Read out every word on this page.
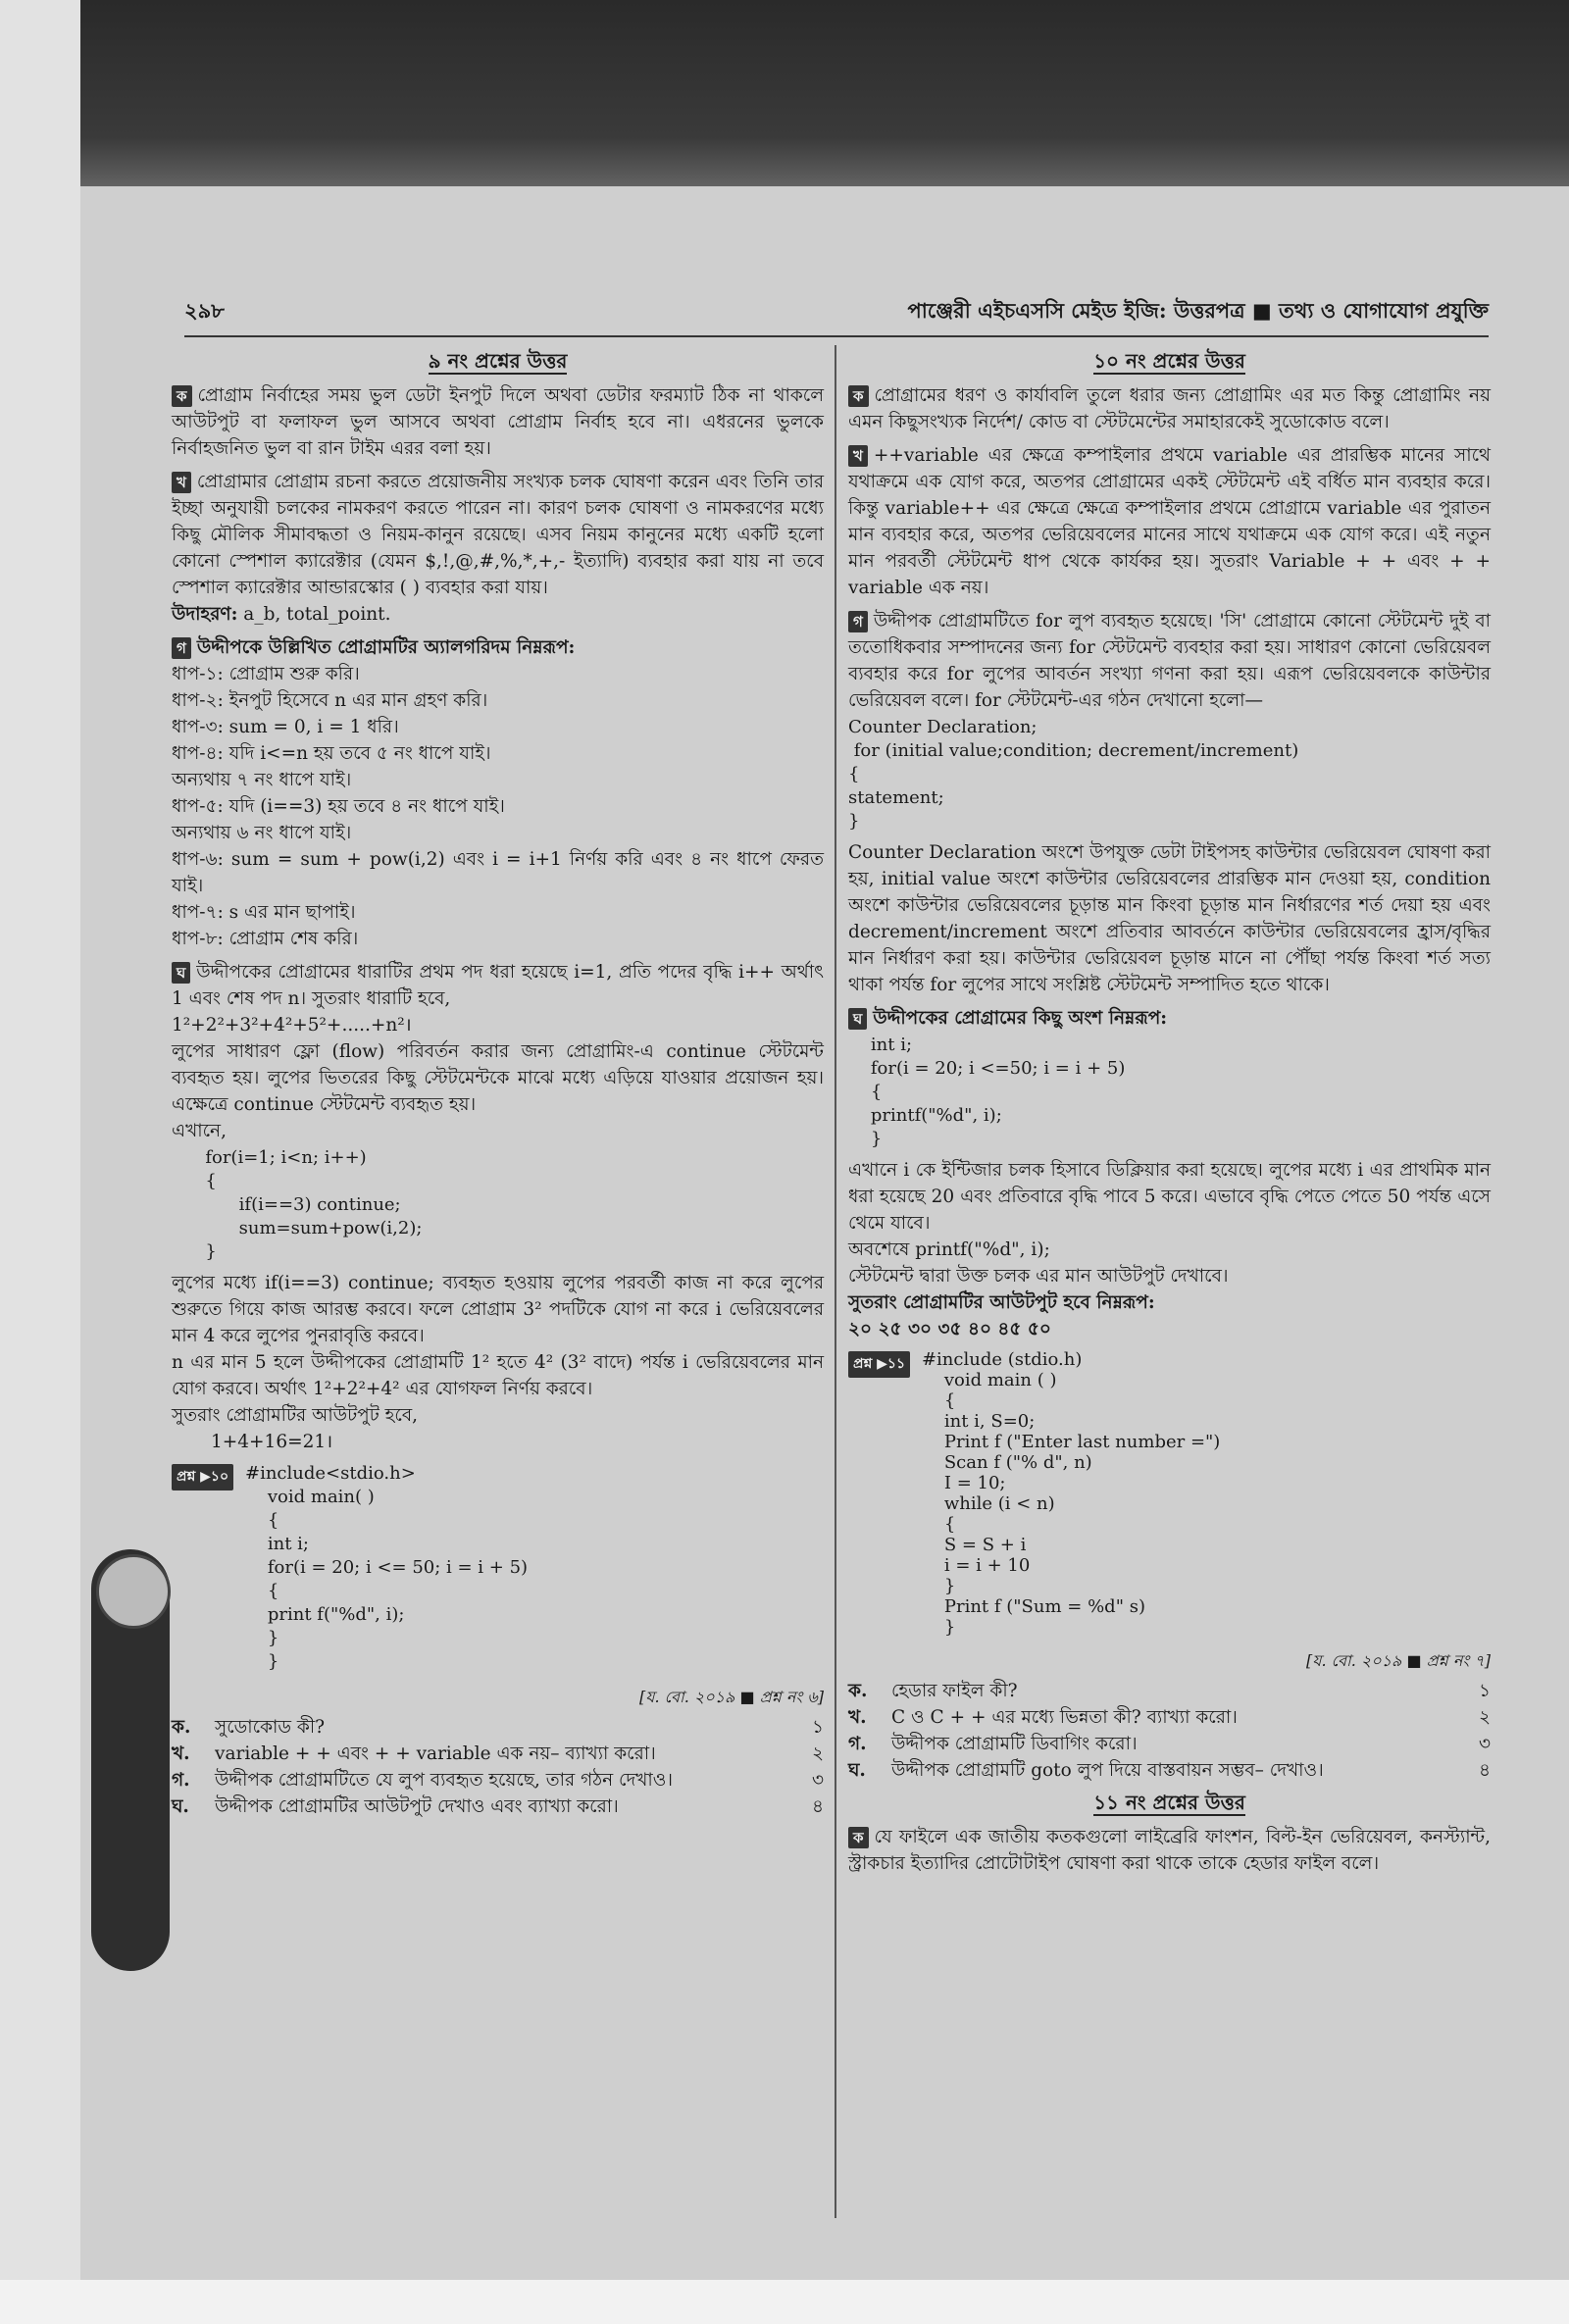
২৯৮	পাঞ্জেরী এইচএসসি মেইড ইজি: উত্তরপত্র ■ তথ্য ও যোগাযোগ প্রযুক্তি
৯ নং প্রশ্নের উত্তর

ক প্রোগ্রাম নির্বাহের সময় ভুল ডেটা ইনপুট দিলে অথবা ডেটার ফরম্যাট ঠিক না থাকলে আউটপুট বা ফলাফল ভুল আসবে অথবা প্রোগ্রাম নির্বাহ হবে না। এধরনের ভুলকে নির্বাহজনিত ভুল বা রান টাইম এরর বলা হয়।

খ প্রোগ্রামার প্রোগ্রাম রচনা করতে প্রয়োজনীয় সংখ্যক চলক ঘোষণা করেন এবং তিনি তার ইচ্ছা অনুযায়ী চলকের নামকরণ করতে পারেন না। কারণ চলক ঘোষণা ও নামকরণের মধ্যে কিছু মৌলিক সীমাবদ্ধতা ও নিয়ম-কানুন রয়েছে। এসব নিয়ম কানুনের মধ্যে একটি হলো কোনো স্পেশাল ক্যারেক্টার (যেমন $,!,@,#,%,*,+,- ইত্যাদি) ব্যবহার করা যায় না তবে স্পেশাল ক্যারেক্টার আন্ডারস্কোর ( ) ব্যবহার করা যায়।
উদাহরণ: a_b, total_point.

গ উদ্দীপকে উল্লিখিত প্রোগ্রামটির অ্যালগরিদম নিম্নরূপ:

ধাপ-১: প্রোগ্রাম শুরু করি।
ধাপ-২: ইনপুট হিসেবে n এর মান গ্রহণ করি।
ধাপ-৩: sum = 0, i = 1 ধরি।
ধাপ-৪: যদি i<=n হয় তবে ৫ নং ধাপে যাই।
অন্যথায় ৭ নং ধাপে যাই।
ধাপ-৫: যদি (i==3) হয় তবে ৪ নং ধাপে যাই।
অন্যথায় ৬ নং ধাপে যাই।
ধাপ-৬: sum = sum + pow(i,2) এবং i = i+1 নির্ণয় করি এবং ৪ নং ধাপে ফেরত যাই।
ধাপ-৭: s এর মান ছাপাই।
ধাপ-৮: প্রোগ্রাম শেষ করি।

ঘ উদ্দীপকের প্রোগ্রামের ধারাটির প্রথম পদ ধরা হয়েছে i=1, প্রতি পদের বৃদ্ধি i++ অর্থাৎ 1 এবং শেষ পদ n। সুতরাং ধারাটি হবে,

1²+2²+3²+4²+5²+.....+n²।

লুপের সাধারণ ফ্লো (flow) পরিবর্তন করার জন্য প্রোগ্রামিং-এ continue স্টেটমেন্ট ব্যবহৃত হয়। লুপের ভিতরের কিছু স্টেটমেন্টকে মাঝে মধ্যে এড়িয়ে যাওয়ার প্রয়োজন হয়। এক্ষেত্রে continue স্টেটমেন্ট ব্যবহৃত হয়।

এখানে,

for(i=1; i<n; i++)
{
if(i==3) continue;
sum=sum+pow(i,2);
}

লুপের মধ্যে if(i==3) continue; ব্যবহৃত হওয়ায় লুপের পরবর্তী কাজ না করে লুপের শুরুতে গিয়ে কাজ আরম্ভ করবে। ফলে প্রোগ্রাম 3² পদটিকে যোগ না করে i ভেরিয়েবলের মান 4 করে লুপের পুনরাবৃত্তি করবে।

n এর মান 5 হলে উদ্দীপকের প্রোগ্রামটি 1² হতে 4² (3² বাদে) পর্যন্ত i ভেরিয়েবলের মান যোগ করবে। অর্থাৎ 1²+2²+4² এর যোগফল নির্ণয় করবে।

সুতরাং প্রোগ্রামটির আউটপুট হবে,

1+4+16=21।

প্রশ্ন ▶১০ #include<stdio.h>
void main( )
{
int i;
for(i = 20; i <= 50; i = i + 5)
{
print f("%d", i);
}
}
[য. বো. ২০১৯ ■ প্রশ্ন নং ৬]
ক.	সুডোকোড কী?	১
খ.	variable + + এবং + + variable এক নয়– ব্যাখ্যা করো।	২
গ.	উদ্দীপক প্রোগ্রামটিতে যে লুপ ব্যবহৃত হয়েছে, তার গঠন দেখাও।	৩
ঘ.	উদ্দীপক প্রোগ্রামটির আউটপুট দেখাও এবং ব্যাখ্যা করো।	৪
১০ নং প্রশ্নের উত্তর

ক প্রোগ্রামের ধরণ ও কার্যাবলি তুলে ধরার জন্য প্রোগ্রামিং এর মত কিন্তু প্রোগ্রামিং নয় এমন কিছুসংখ্যক নির্দেশ/ কোড বা স্টেটমেন্টের সমাহারকেই সুডোকোড বলে।

খ ++variable এর ক্ষেত্রে কম্পাইলার প্রথমে variable এর প্রারম্ভিক মানের সাথে যথাক্রমে এক যোগ করে, অতপর প্রোগ্রামের একই স্টেটমেন্ট এই বর্ধিত মান ব্যবহার করে। কিন্তু variable++ এর ক্ষেত্রে ক্ষেত্রে কম্পাইলার প্রথমে প্রোগ্রামে variable এর পুরাতন মান ব্যবহার করে, অতপর ভেরিয়েবলের মানের সাথে যথাক্রমে এক যোগ করে। এই নতুন মান পরবর্তী স্টেটমেন্ট ধাপ থেকে কার্যকর হয়। সুতরাং Variable + + এবং + + variable এক নয়।

গ উদ্দীপক প্রোগ্রামটিতে for লুপ ব্যবহৃত হয়েছে। 'সি' প্রোগ্রামে কোনো স্টেটমেন্ট দুই বা ততোধিকবার সম্পাদনের জন্য for স্টেটমেন্ট ব্যবহার করা হয়। সাধারণ কোনো ভেরিয়েবল ব্যবহার করে for লুপের আবর্তন সংখ্যা গণনা করা হয়। এরূপ ভেরিয়েবলকে কাউন্টার ভেরিয়েবল বলে। for স্টেটমেন্ট-এর গঠন দেখানো হলো—

Counter Declaration;
for (initial value;condition; decrement/increment)
{
statement;
}

Counter Declaration অংশে উপযুক্ত ডেটা টাইপসহ কাউন্টার ভেরিয়েবল ঘোষণা করা হয়, initial value অংশে কাউন্টার ভেরিয়েবলের প্রারম্ভিক মান দেওয়া হয়, condition অংশে কাউন্টার ভেরিয়েবলের চূড়ান্ত মান কিংবা চূড়ান্ত মান নির্ধারণের শর্ত দেয়া হয় এবং decrement/increment অংশে প্রতিবার আবর্তনে কাউন্টার ভেরিয়েবলের হ্রাস/বৃদ্ধির মান নির্ধারণ করা হয়। কাউন্টার ভেরিয়েবল চূড়ান্ত মানে না পৌঁছা পর্যন্ত কিংবা শর্ত সত্য থাকা পর্যন্ত for লুপের সাথে সংশ্লিষ্ট স্টেটমেন্ট সম্পাদিত হতে থাকে।

ঘ উদ্দীপকের প্রোগ্রামের কিছু অংশ নিম্নরূপ:

int i;
for(i = 20; i <=50; i = i + 5)
{
printf("%d", i);
}

এখানে i কে ইন্টিজার চলক হিসাবে ডিক্লিয়ার করা হয়েছে। লুপের মধ্যে i এর প্রাথমিক মান ধরা হয়েছে 20 এবং প্রতিবারে বৃদ্ধি পাবে 5 করে। এভাবে বৃদ্ধি পেতে পেতে 50 পর্যন্ত এসে থেমে যাবে।

অবশেষে printf("%d", i);

স্টেটমেন্ট দ্বারা উক্ত চলক এর মান আউটপুট দেখাবে।

সুতরাং প্রোগ্রামটির আউটপুট হবে নিম্নরূপ:

২০ ২৫ ৩০ ৩৫ ৪০ ৪৫ ৫০

প্রশ্ন ▶১১ #include (stdio.h)
void main ( )
{
int i, S=0;
Print f ("Enter last number =")
Scan f ("% d", n)
I = 10;
while (i < n)
{
S = S + i
i = i + 10
}
Print f ("Sum = %d" s)
}
[য. বো. ২০১৯ ■ প্রশ্ন নং ৭]
ক.	হেডার ফাইল কী?	১
খ.	C ও C + + এর মধ্যে ভিন্নতা কী? ব্যাখ্যা করো।	২
গ.	উদ্দীপক প্রোগ্রামটি ডিবাগিং করো।	৩
ঘ.	উদ্দীপক প্রোগ্রামটি goto লুপ দিয়ে বাস্তবায়ন সম্ভব– দেখাও।	৪
১১ নং প্রশ্নের উত্তর

ক যে ফাইলে এক জাতীয় কতকগুলো লাইব্রেরি ফাংশন, বিল্ট-ইন ভেরিয়েবল, কনস্ট্যান্ট, স্ট্রাকচার ইত্যাদির প্রোটোটাইপ ঘোষণা করা থাকে তাকে হেডার ফাইল বলে।
